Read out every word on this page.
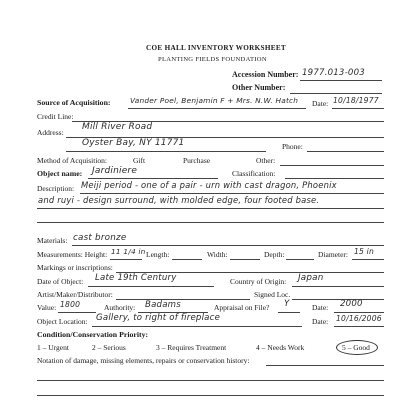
COE HALL INVENTORY WORKSHEET
PLANTING FIELDS FOUNDATION
Accession Number: 1977.013-003
Other Number:
Source of Acquisition:	Vander Poel, Benjamin F + Mrs. N.W. Hatch Date: 10/18/1977
Credit Line:
Address:
Mill River Road
Oyster Bay, NY 11771	Phone:
Method of Acquisition:	Gift	Purchase	Other:
Object name: Jardiniere	Classification:
Description: Meiji period - one of a pair - urn with cast dragon, Phoenix
and ruyi - design surround, with molded edge, four footed base.
Materials: cast bronze
Measurements: Height: 11 1/4 in Length:	Width:	Depth:	Diameter: 15 in
Markings or inscriptions:
Date of Object: Late 19th Century	Country of Origin: Japan
Artist/Maker/Distributor:	Signed Loc.
Value: 1800	Authority: Badams	Appraisal on File? Y	Date: 2000
Object Location: Gallery, to right of fireplace	Date: 10/16/2006
Condition/Conservation Priority:
1 – Urgent	2 – Serious	3 – Requires Treatment	4 – Needs Work	5 – Good
Notation of damage, missing elements, repairs or conservation history:
